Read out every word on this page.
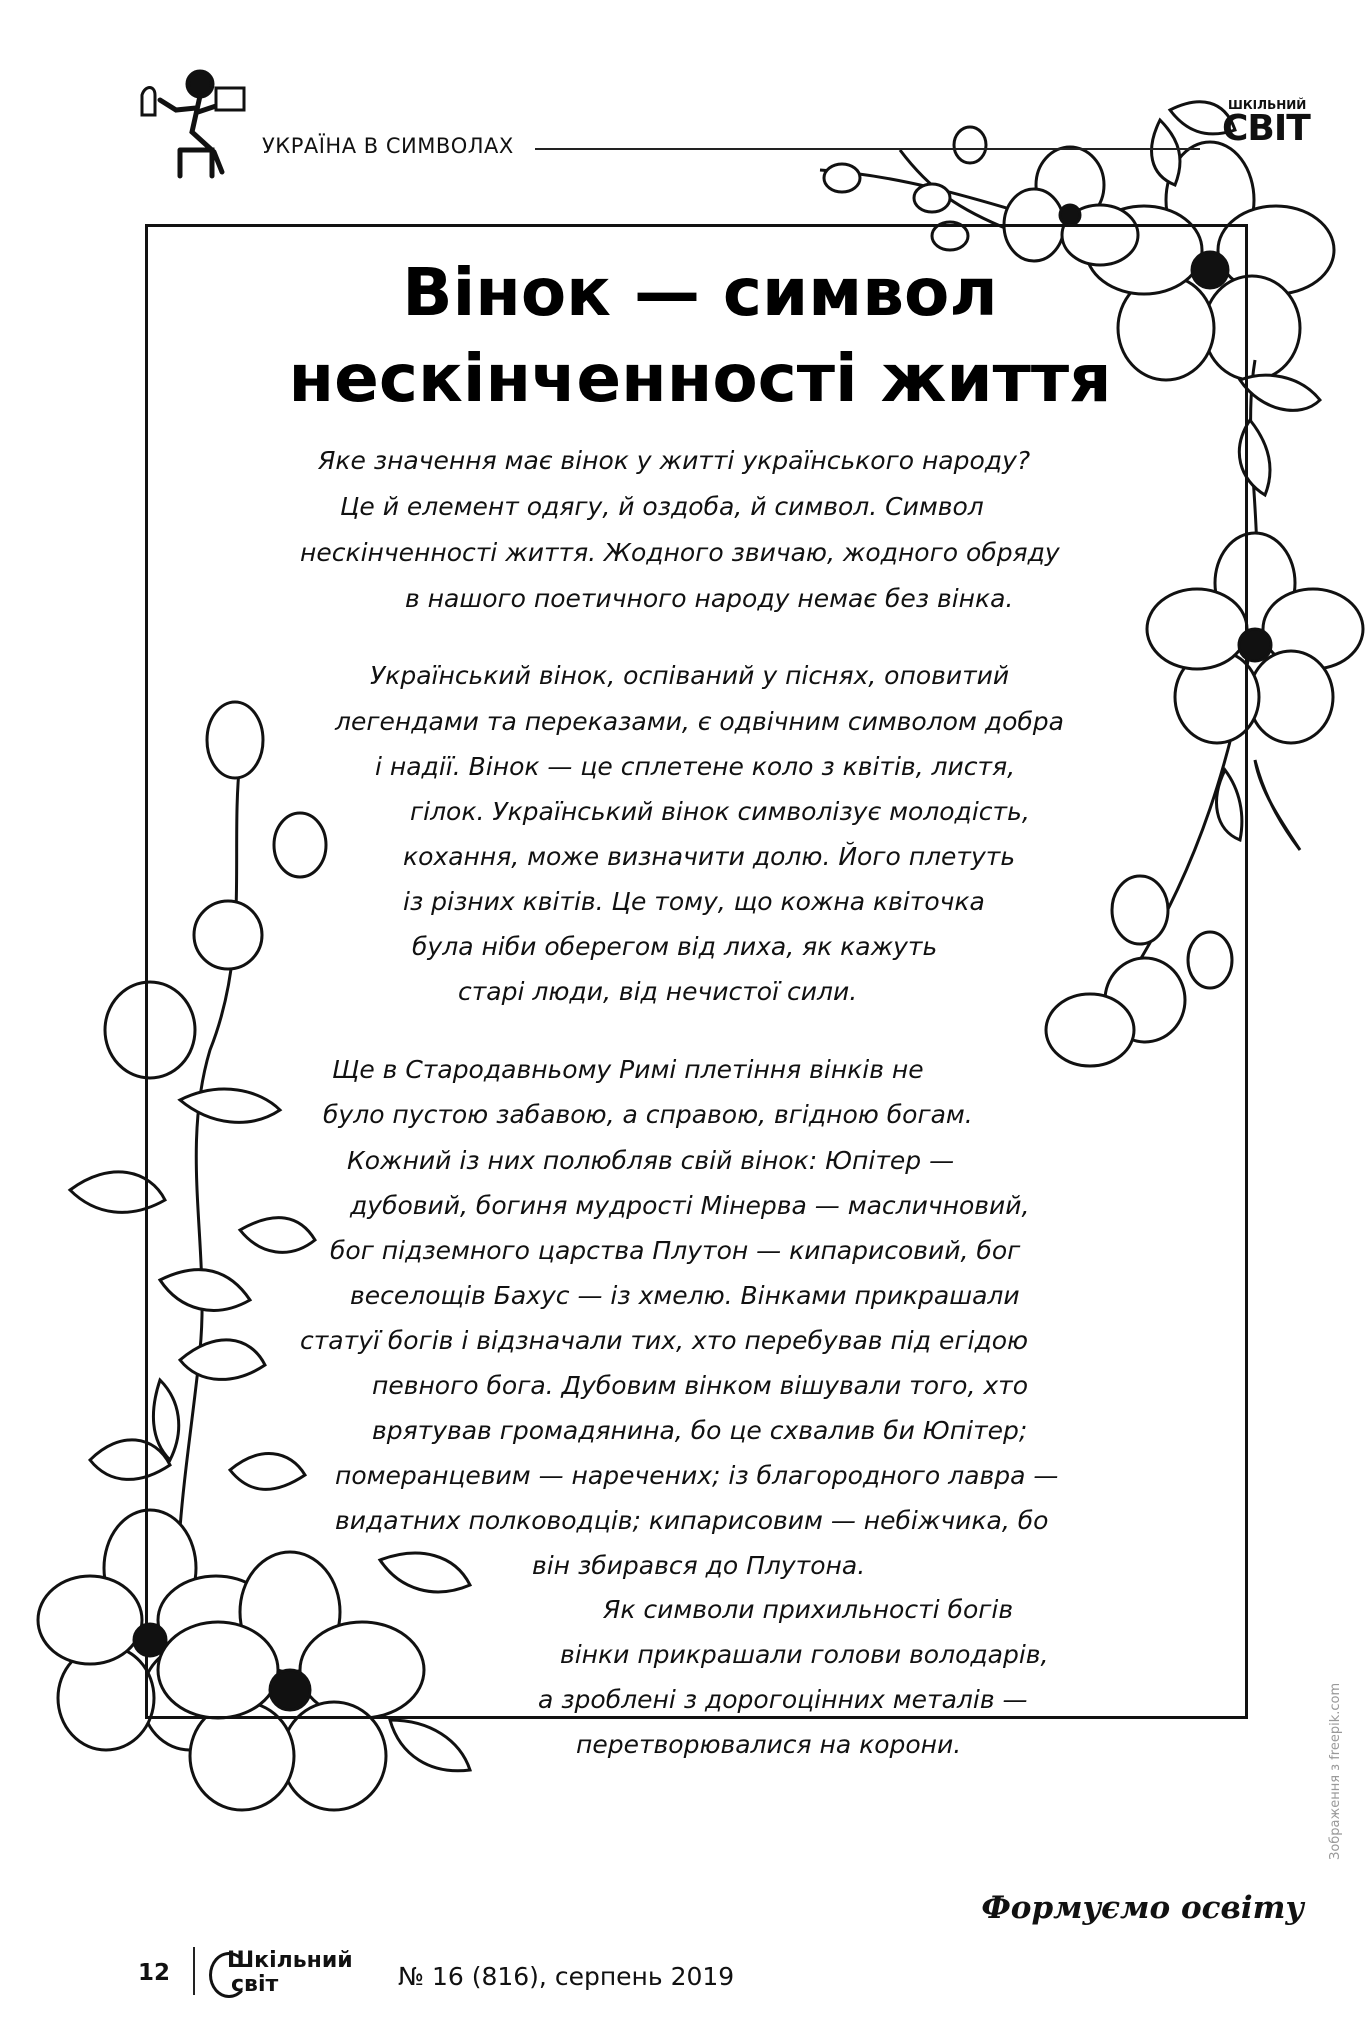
УКРАЇНА В СИМВОЛАХ
ШКІЛЬНИЙ
СВІТ
Вінок — символ
нескінченності життя
Яке значення має вінок у житті українського народу?
Це й елемент одягу, й оздоба, й символ. Символ
нескінченності життя. Жодного звичаю, жодного обряду
в нашого поетичного народу немає без вінка.
Український вінок, оспіваний у піснях, оповитий
легендами та переказами, є одвічним символом добра
і надії. Вінок — це сплетене коло з квітів, листя,
гілок. Український вінок символізує молодість,
кохання, може визначити долю. Його плетуть
із різних квітів. Це тому, що кожна квіточка
була ніби оберегом від лиха, як кажуть
старі люди, від нечистої сили.
Ще в Стародавньому Римі плетіння вінків не
було пустою забавою, а справою, вгідною богам.
Кожний із них полюбляв свій вінок: Юпітер —
дубовий, богиня мудрості Мінерва — масличновий,
бог підземного царства Плутон — кипарисовий, бог
веселощів Бахус — із хмелю. Вінками прикрашали
статуї богів і відзначали тих, хто перебував під егідою
певного бога. Дубовим вінком вішували того, хто
врятував громадянина, бо це схвалив би Юпітер;
померанцевим — наречених; із благородного лавра —
видатних полководців; кипарисовим — небіжчика, бо
він збирався до Плутона.
Як символи прихильності богів
вінки прикрашали голови володарів,
а зроблені з дорогоцінних металів —
перетворювалися на корони.	Зображення з freepik.com
Формуємо освіту
12	Шкільний
світ	№ 16 (816), серпень 2019
